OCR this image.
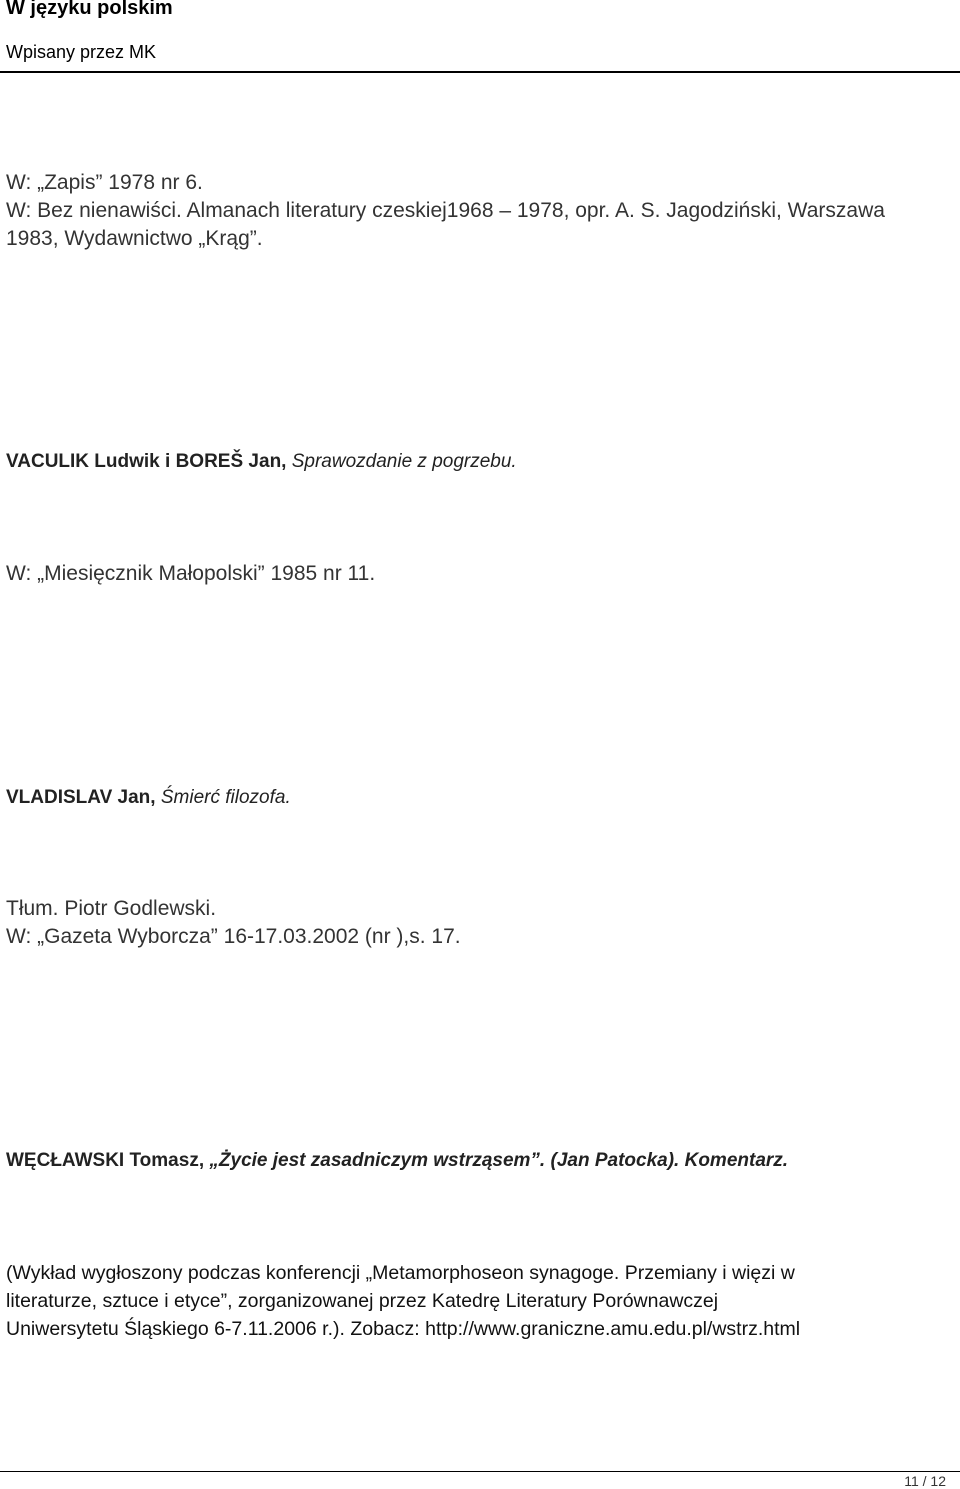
W języku polskim
Wpisany przez MK
W: „Zapis” 1978 nr 6.
W: Bez nienawiści. Almanach literatury czeskiej1968 – 1978, opr. A. S. Jagodziński, Warszawa
1983, Wydawnictwo „Krąg”.
VACULIK Ludwik i BOREŠ Jan, Sprawozdanie z pogrzebu.
W: „Miesięcznik Małopolski” 1985 nr 11.
VLADISLAV Jan, Śmierć filozofa.
Tłum. Piotr Godlewski.
W: „Gazeta Wyborcza” 16-17.03.2002 (nr ),s. 17.
WĘCŁAWSKI Tomasz, „Życie jest zasadniczym wstrząsem”. (Jan Patocka). Komentarz.
(Wykład wygłoszony podczas konferencji „Metamorphoseon synagoge. Przemiany i więzi w
literaturze, sztuce i etyce”, zorganizowanej przez Katedrę Literatury Porównawczej
Uniwersytetu Śląskiego 6-7.11.2006 r.). Zobacz: http://www.graniczne.amu.edu.pl/wstrz.html
11 / 12
